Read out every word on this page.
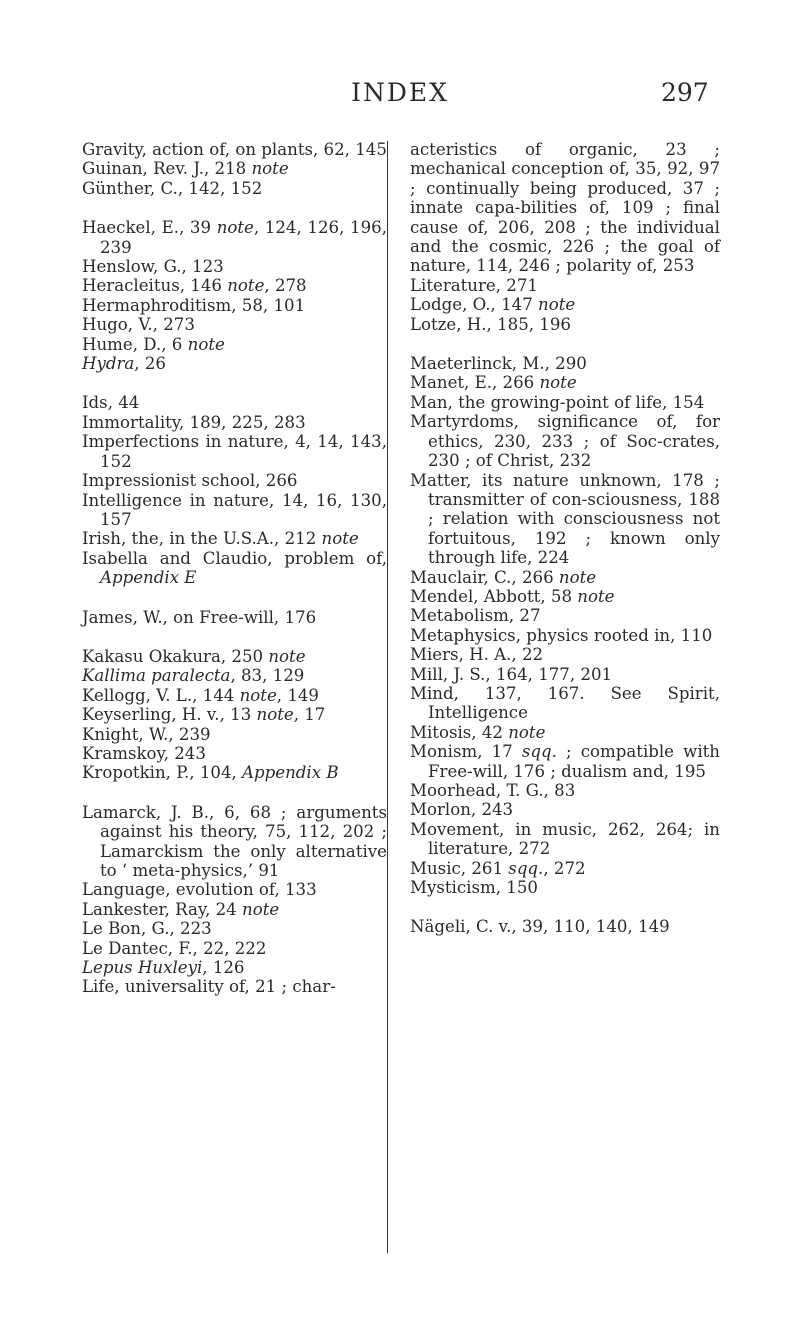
INDEX	297
Gravity, action of, on plants, 62, 145
Guinan, Rev. J., 218 note
Günther, C., 142, 152
Haeckel, E., 39 note, 124, 126, 196, 239
Henslow, G., 123
Heracleitus, 146 note, 278
Hermaphroditism, 58, 101
Hugo, V., 273
Hume, D., 6 note
Hydra, 26
Ids, 44
Immortality, 189, 225, 283
Imperfections in nature, 4, 14, 143, 152
Impressionist school, 266
Intelligence in nature, 14, 16, 130, 157
Irish, the, in the U.S.A., 212 note
Isabella and Claudio, problem of, Appendix E
James, W., on Free-will, 176
Kakasu Okakura, 250 note
Kallima paralecta, 83, 129
Kellogg, V. L., 144 note, 149
Keyserling, H. v., 13 note, 17
Knight, W., 239
Kramskoy, 243
Kropotkin, P., 104, Appendix B
Lamarck, J. B., 6, 68 ; arguments against his theory, 75, 112, 202 ; Lamarckism the only alternative to ‘ meta-physics,’ 91
Language, evolution of, 133
Lankester, Ray, 24 note
Le Bon, G., 223
Le Dantec, F., 22, 222
Lepus Huxleyi, 126
Life, universality of, 21 ; char-
acteristics of organic, 23 ; mechanical conception of, 35, 92, 97 ; continually being produced, 37 ; innate capa-bilities of, 109 ; final cause of, 206, 208 ; the individual and the cosmic, 226 ; the goal of nature, 114, 246 ; polarity of, 253
Literature, 271
Lodge, O., 147 note
Lotze, H., 185, 196
Maeterlinck, M., 290
Manet, E., 266 note
Man, the growing-point of life, 154
Martyrdoms, significance of, for ethics, 230, 233 ; of Soc-crates, 230 ; of Christ, 232
Matter, its nature unknown, 178 ; transmitter of con-sciousness, 188 ; relation with consciousness not fortuitous, 192 ; known only through life, 224
Mauclair, C., 266 note
Mendel, Abbott, 58 note
Metabolism, 27
Metaphysics, physics rooted in, 110
Miers, H. A., 22
Mill, J. S., 164, 177, 201
Mind, 137, 167. See Spirit, Intelligence
Mitosis, 42 note
Monism, 17 sqq. ; compatible with Free-will, 176 ; dualism and, 195
Moorhead, T. G., 83
Morlon, 243
Movement, in music, 262, 264; in literature, 272
Music, 261 sqq., 272
Mysticism, 150
Nägeli, C. v., 39, 110, 140, 149
